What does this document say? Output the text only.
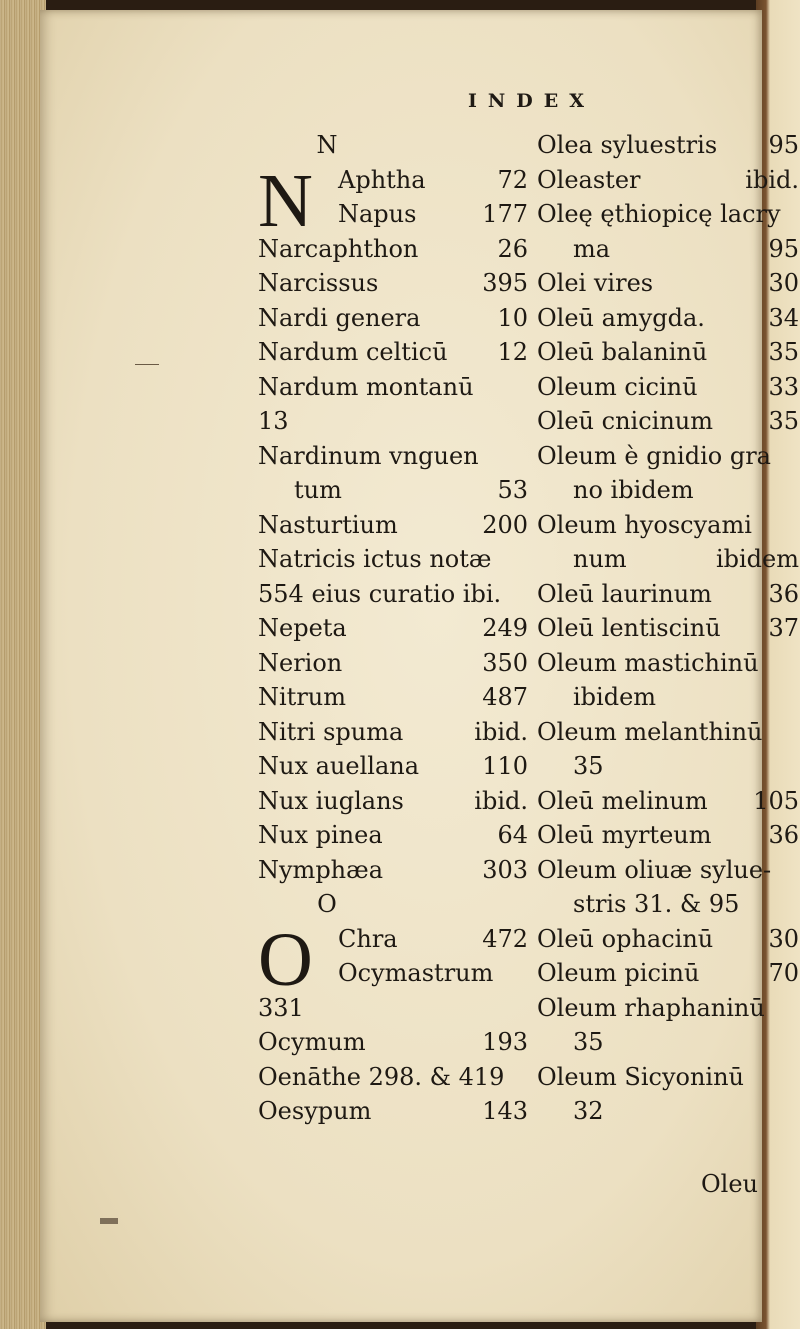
INDEX
N
N Aphtha	72
Napus	177
Narcaphthon	26
Narcissus	395
Nardi genera	10
Nardum celticū 12
Nardum montanū
13
Nardinum vnguen
tum	53
Nasturtium	200
Natricis ictus notæ
554 eius curatio ibi.
Nepeta	249
Nerion	350
Nitrum	487
Nitri spuma	ibid.
Nux auellana	110
Nux iuglans	ibid.
Nux pinea	64
Nymphæa	303
O
O Chra	472
Ocymastrum
331
Ocymum	193
Oenāthe 298. & 419
Oesypum	143
Olea syluestris 95
Oleaster	ibid.
Oleę ęthiopicę lacry
ma	95
Olei vires	30
Oleū amygda.	34
Oleū balaninū	35
Oleum cicinū	33
Oleū cnicinum 35
Oleum è gnidio gra
no ibidem
Oleum hyoscyami
num	ibidem
Oleū laurinum 36
Oleū lentiscinū 37
Oleum mastichinū
ibidem
Oleum melanthinū
35
Oleū melinum 105
Oleū myrteum 36
Oleum oliuæ sylue-
stris 31. & 95
Oleū ophacinū 30
Oleum picinū	70
Oleum rhaphaninū
35
Oleum Sicyoninū
32
Oleu
